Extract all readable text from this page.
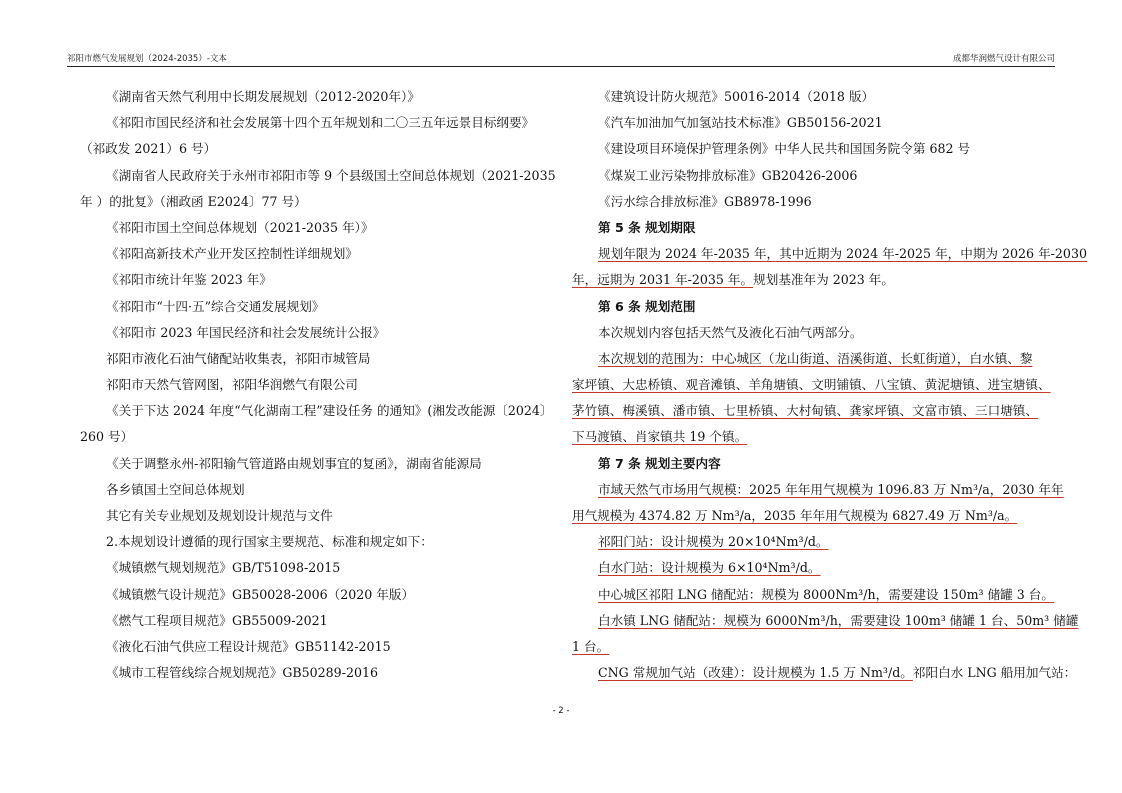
祁阳市燃气发展规划（2024-2035）-文本	成都华润燃气设计有限公司
《湖南省天然气利用中长期发展规划（2012-2020年）》
《祁阳市国民经济和社会发展第十四个五年规划和二〇三五年远景目标纲要》
（祁政发 2021）6 号）
《湖南省人民政府关于永州市祁阳市等 9 个县级国土空间总体规划（2021-2035
年 ）的批复》（湘政函 E2024〕77 号）
《祁阳市国土空间总体规划（2021-2035 年）》
《祁阳高新技术产业开发区控制性详细规划》
《祁阳市统计年鉴 2023 年》
《祁阳市“十四·五”综合交通发展规划》
《祁阳市 2023 年国民经济和社会发展统计公报》
祁阳市液化石油气储配站收集表，祁阳市城管局
祁阳市天然气管网图，祁阳华润燃气有限公司
《关于下达 2024 年度“气化湖南工程”建设任务 的通知》(湘发改能源〔2024〕
260 号）
《关于调整永州-祁阳输气管道路由规划事宜的复函》，湖南省能源局
各乡镇国土空间总体规划
其它有关专业规划及规划设计规范与文件
2.本规划设计遵循的现行国家主要规范、标准和规定如下：
《城镇燃气规划规范》GB/T51098-2015
《城镇燃气设计规范》GB50028-2006（2020 年版）
《燃气工程项目规范》GB55009-2021
《液化石油气供应工程设计规范》GB51142-2015
《城市工程管线综合规划规范》GB50289-2016
《建筑设计防火规范》50016-2014（2018 版）
《汽车加油加气加氢站技术标准》GB50156-2021
《建设项目环境保护管理条例》中华人民共和国国务院令第 682 号
《煤炭工业污染物排放标准》GB20426-2006
《污水综合排放标准》GB8978-1996
第 5 条 规划期限
规划年限为 2024 年-2035 年，其中近期为 2024 年-2025 年，中期为 2026 年-2030
年，远期为 2031 年-2035 年。规划基准年为 2023 年。
第 6 条 规划范围
本次规划内容包括天然气及液化石油气两部分。
本次规划的范围为：中心城区（龙山街道、浯溪街道、长虹街道），白水镇、黎
家坪镇、大忠桥镇、观音滩镇、羊角塘镇、文明铺镇、八宝镇、黄泥塘镇、进宝塘镇、
茅竹镇、梅溪镇、潘市镇、七里桥镇、大村甸镇、龚家坪镇、文富市镇、三口塘镇、
下马渡镇、肖家镇共 19 个镇。
第 7 条 规划主要内容
市域天然气市场用气规模：2025 年年用气规模为 1096.83 万 Nm³/a，2030 年年
用气规模为 4374.82 万 Nm³/a，2035 年年用气规模为 6827.49 万 Nm³/a。
祁阳门站：设计规模为 20×10⁴Nm³/d。
白水门站：设计规模为 6×10⁴Nm³/d。
中心城区祁阳 LNG 储配站：规模为 8000Nm³/h，需要建设 150m³ 储罐 3 台。
白水镇 LNG 储配站：规模为 6000Nm³/h，需要建设 100m³ 储罐 1 台、50m³ 储罐
1 台。
CNG 常规加气站（改建）：设计规模为 1.5 万 Nm³/d。祁阳白水 LNG 船用加气站：
- 2 -
